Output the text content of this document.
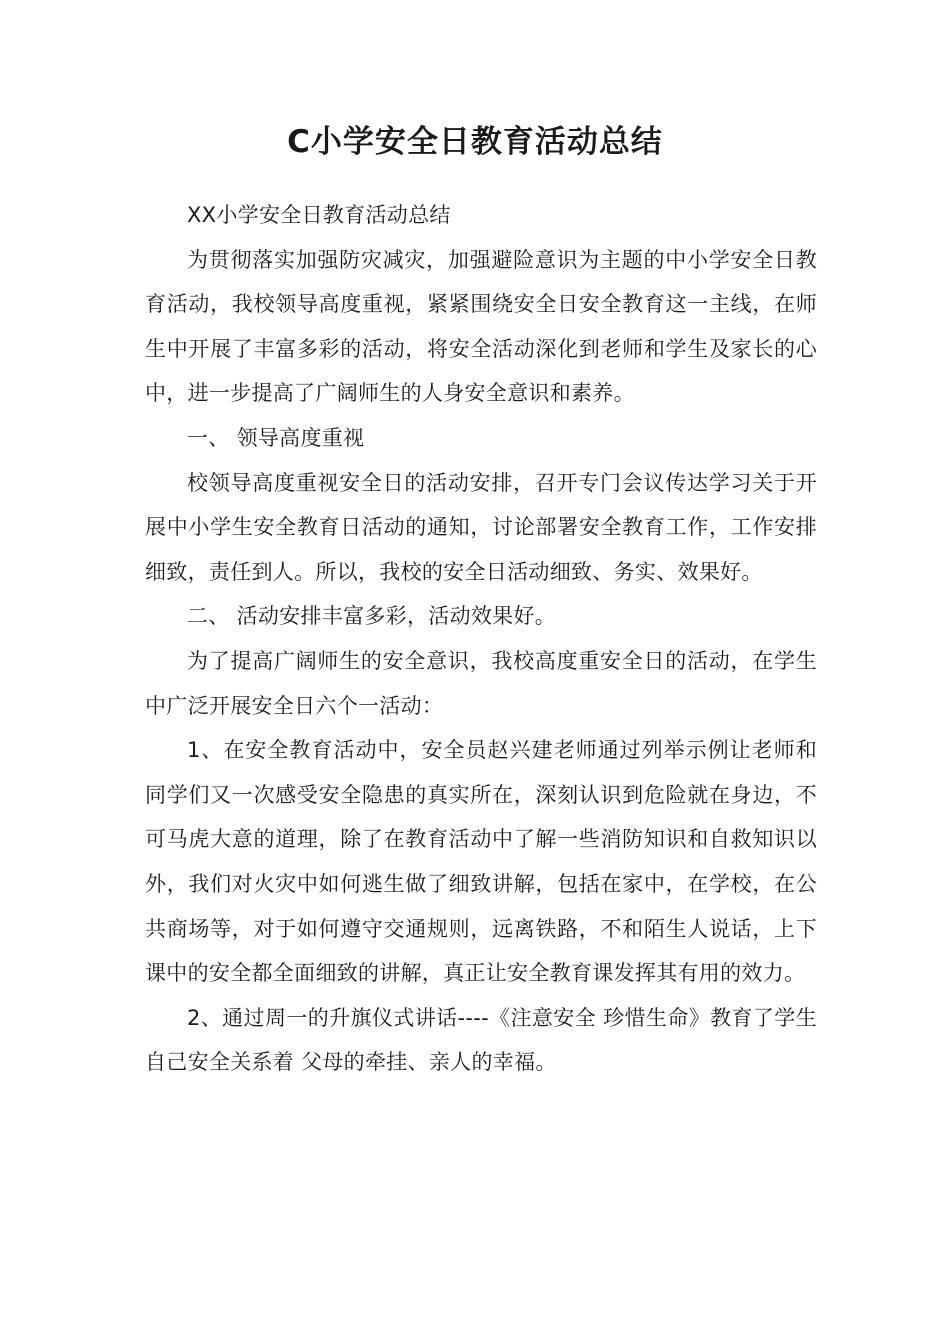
C小学安全日教育活动总结

XX小学安全日教育活动总结

为贯彻落实加强防灾减灾，加强避险意识为主题的中小学安全日教育活动，我校领导高度重视，紧紧围绕安全日安全教育这一主线，在师生中开展了丰富多彩的活动，将安全活动深化到老师和学生及家长的心中，进一步提高了广阔师生的人身安全意识和素养。

一、 领导高度重视

校领导高度重视安全日的活动安排，召开专门会议传达学习关于开展中小学生安全教育日活动的通知，讨论部署安全教育工作，工作安排细致，责任到人。所以，我校的安全日活动细致、务实、效果好。

二、 活动安排丰富多彩，活动效果好。

为了提高广阔师生的安全意识，我校高度重安全日的活动，在学生中广泛开展安全日六个一活动：

1、在安全教育活动中，安全员赵兴建老师通过列举示例让老师和同学们又一次感受安全隐患的真实所在，深刻认识到危险就在身边，不可马虎大意的道理，除了在教育活动中了解一些消防知识和自救知识以外，我们对火灾中如何逃生做了细致讲解，包括在家中，在学校，在公共商场等，对于如何遵守交通规则，远离铁路，不和陌生人说话，上下课中的安全都全面细致的讲解，真正让安全教育课发挥其有用的效力。

2、通过周一的升旗仪式讲话----《注意安全 珍惜生命》教育了学生自己安全关系着 父母的牵挂、亲人的幸福。
